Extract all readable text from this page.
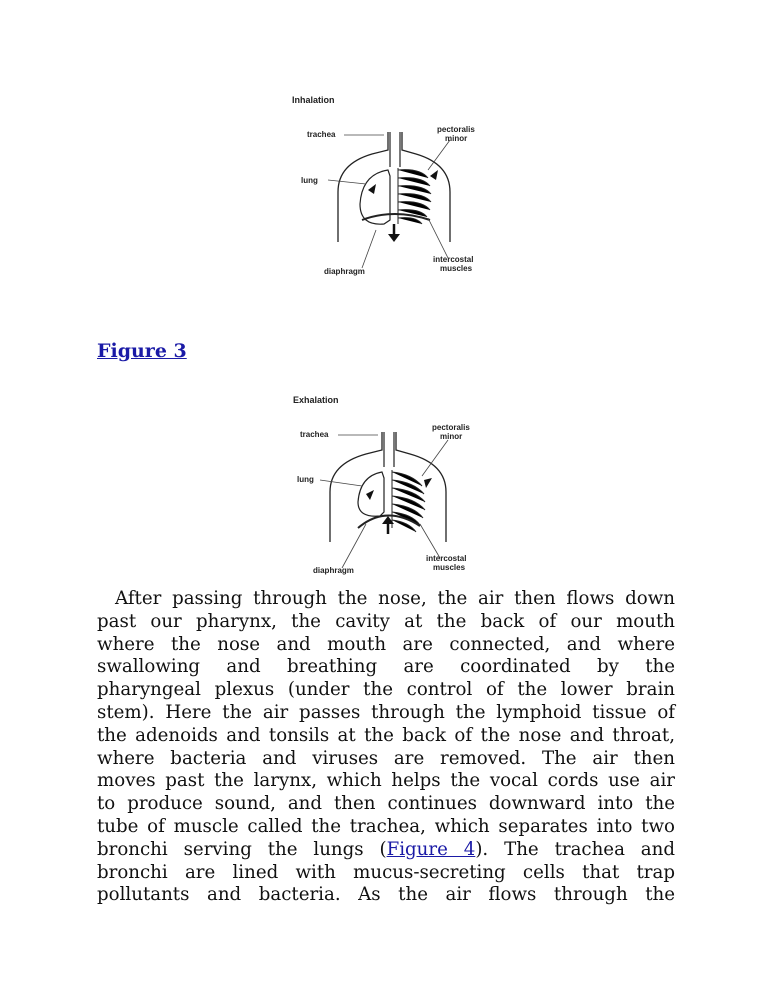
Inhalation
trachea
pectoralis
minor
lung
diaphragm
intercostal
muscles
Figure 3
Exhalation
trachea
pectoralis
minor
lung
diaphragm
intercostal
muscles
After passing through the nose, the air then flows down
past our pharynx, the cavity at the back of our mouth
where the nose and mouth are connected, and where
swallowing and breathing are coordinated by the
pharyngeal plexus (under the control of the lower brain
stem). Here the air passes through the lymphoid tissue of
the adenoids and tonsils at the back of the nose and throat,
where bacteria and viruses are removed. The air then
moves past the larynx, which helps the vocal cords use air
to produce sound, and then continues downward into the
tube of muscle called the trachea, which separates into two
bronchi serving the lungs (Figure 4). The trachea and
bronchi are lined with mucus-secreting cells that trap
pollutants and bacteria. As the air flows through the
